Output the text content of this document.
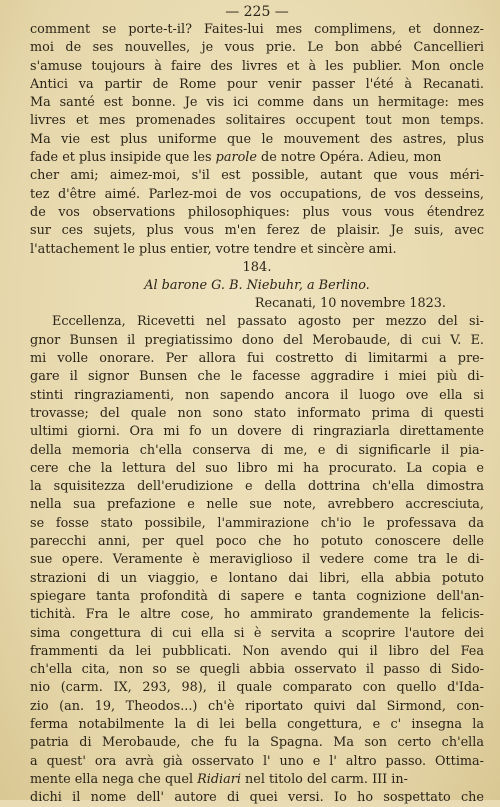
— 225 —
comment se porte-t-il? Faites-lui mes complimens, et donnez-
moi de ses nouvelles, je vous prie. Le bon abbé Cancellieri
s'amuse toujours à faire des livres et à les publier. Mon oncle
Antici va partir de Rome pour venir passer l'été à Recanati.
Ma santé est bonne. Je vis ici comme dans un hermitage: mes
livres et mes promenades solitaires occupent tout mon temps.
Ma vie est plus uniforme que le mouvement des astres, plus
fade et plus insipide que les parole de notre Opéra. Adieu, mon
cher ami; aimez-moi, s'il est possible, autant que vous méri-
tez d'être aimé. Parlez-moi de vos occupations, de vos desseins,
de vos observations philosophiques: plus vous vous étendrez
sur ces sujets, plus vous m'en ferez de plaisir. Je suis, avec
l'attachement le plus entier, votre tendre et sincère ami.
184.
Al barone G. B. Niebuhr, a Berlino.
Recanati, 10 novembre 1823.
Eccellenza, Ricevetti nel passato agosto per mezzo del si-
gnor Bunsen il pregiatissimo dono del Merobaude, di cui V. E.
mi volle onorare. Per allora fui costretto di limitarmi a pre-
gare il signor Bunsen che le facesse aggradire i miei più di-
stinti ringraziamenti, non sapendo ancora il luogo ove ella si
trovasse; del quale non sono stato informato prima di questi
ultimi giorni. Ora mi fo un dovere di ringraziarla direttamente
della memoria ch'ella conserva di me, e di significarle il pia-
cere che la lettura del suo libro mi ha procurato. La copia e
la squisitezza dell'erudizione e della dottrina ch'ella dimostra
nella sua prefazione e nelle sue note, avrebbero accresciuta,
se fosse stato possibile, l'ammirazione ch'io le professava da
parecchi anni, per quel poco che ho potuto conoscere delle
sue opere. Veramente è meraviglioso il vedere come tra le di-
strazioni di un viaggio, e lontano dai libri, ella abbia potuto
spiegare tanta profondità di sapere e tanta cognizione dell'an-
tichità. Fra le altre cose, ho ammirato grandemente la felicis-
sima congettura di cui ella si è servita a scoprire l'autore dei
frammenti da lei pubblicati. Non avendo qui il libro del Fea
ch'ella cita, non so se quegli abbia osservato il passo di Sido-
nio (carm. IX, 293, 98), il quale comparato con quello d'Ida-
zio (an. 19, Theodos...) ch'è riportato quivi dal Sirmond, con-
ferma notabilmente la di lei bella congettura, e c' insegna la
patria di Merobaude, che fu la Spagna. Ma son certo ch'ella
a quest' ora avrà già osservato l' uno e l' altro passo. Ottima-
mente ella nega che quel Ridiari nel titolo del carm. III in-
dichi il nome dell' autore di quei versi. Io ho sospettato che
